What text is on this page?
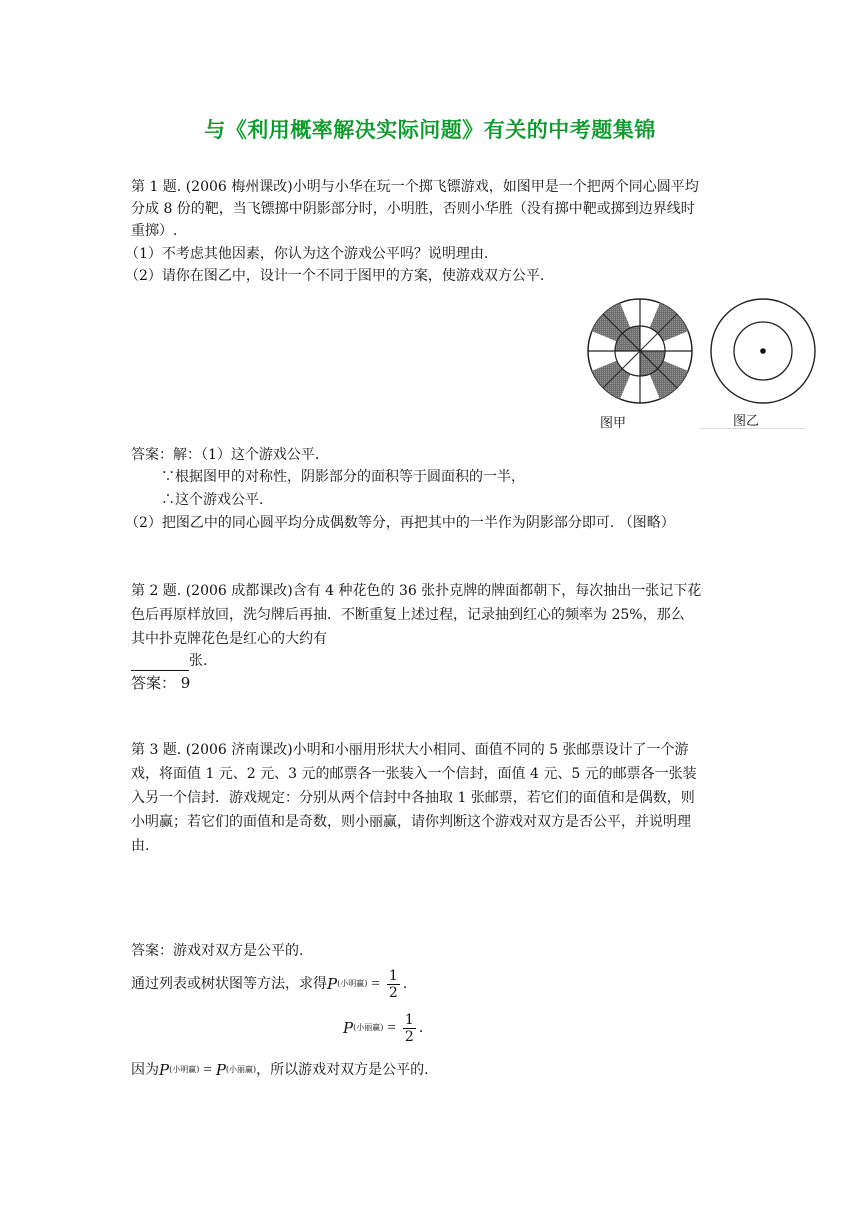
与《利用概率解决实际问题》有关的中考题集锦
第 1 题. (2006 梅州课改)小明与小华在玩一个掷飞镖游戏，如图甲是一个把两个同心圆平均
分成 8 份的靶，当飞镖掷中阴影部分时，小明胜，否则小华胜（没有掷中靶或掷到边界线时
重掷）.
（1）不考虑其他因素，你认为这个游戏公平吗？说明理由.
（2）请你在图乙中，设计一个不同于图甲的方案，使游戏双方公平.
图甲	图乙
答案：解：（1）这个游戏公平.
∵根据图甲的对称性，阴影部分的面积等于圆面积的一半，
∴这个游戏公平.
（2）把图乙中的同心圆平均分成偶数等分，再把其中的一半作为阴影部分即可. （图略）
第 2 题. (2006 成都课改)含有 4 种花色的 36 张扑克牌的牌面都朝下，每次抽出一张记下花
色后再原样放回，洗匀牌后再抽．不断重复上述过程，记录抽到红心的频率为 25%，那么
其中扑克牌花色是红心的大约有
张.
答案： 9
第 3 题. (2006 济南课改)小明和小丽用形状大小相同、面值不同的 5 张邮票设计了一个游
戏，将面值 1 元、2 元、3 元的邮票各一张装入一个信封，面值 4 元、5 元的邮票各一张装
入另一个信封．游戏规定：分别从两个信封中各抽取 1 张邮票，若它们的面值和是偶数，则
小明赢；若它们的面值和是奇数，则小丽赢，请你判断这个游戏对双方是否公平，并说明理
由.
答案：游戏对双方是公平的.
通过列表或树状图等方法，求得 P (小明赢) = $\frac{1}{2}$ .
P (小丽赢) = $\frac{1}{2}$ .
因为 P (小明赢) = P (小丽赢) ，所以游戏对双方是公平的.
